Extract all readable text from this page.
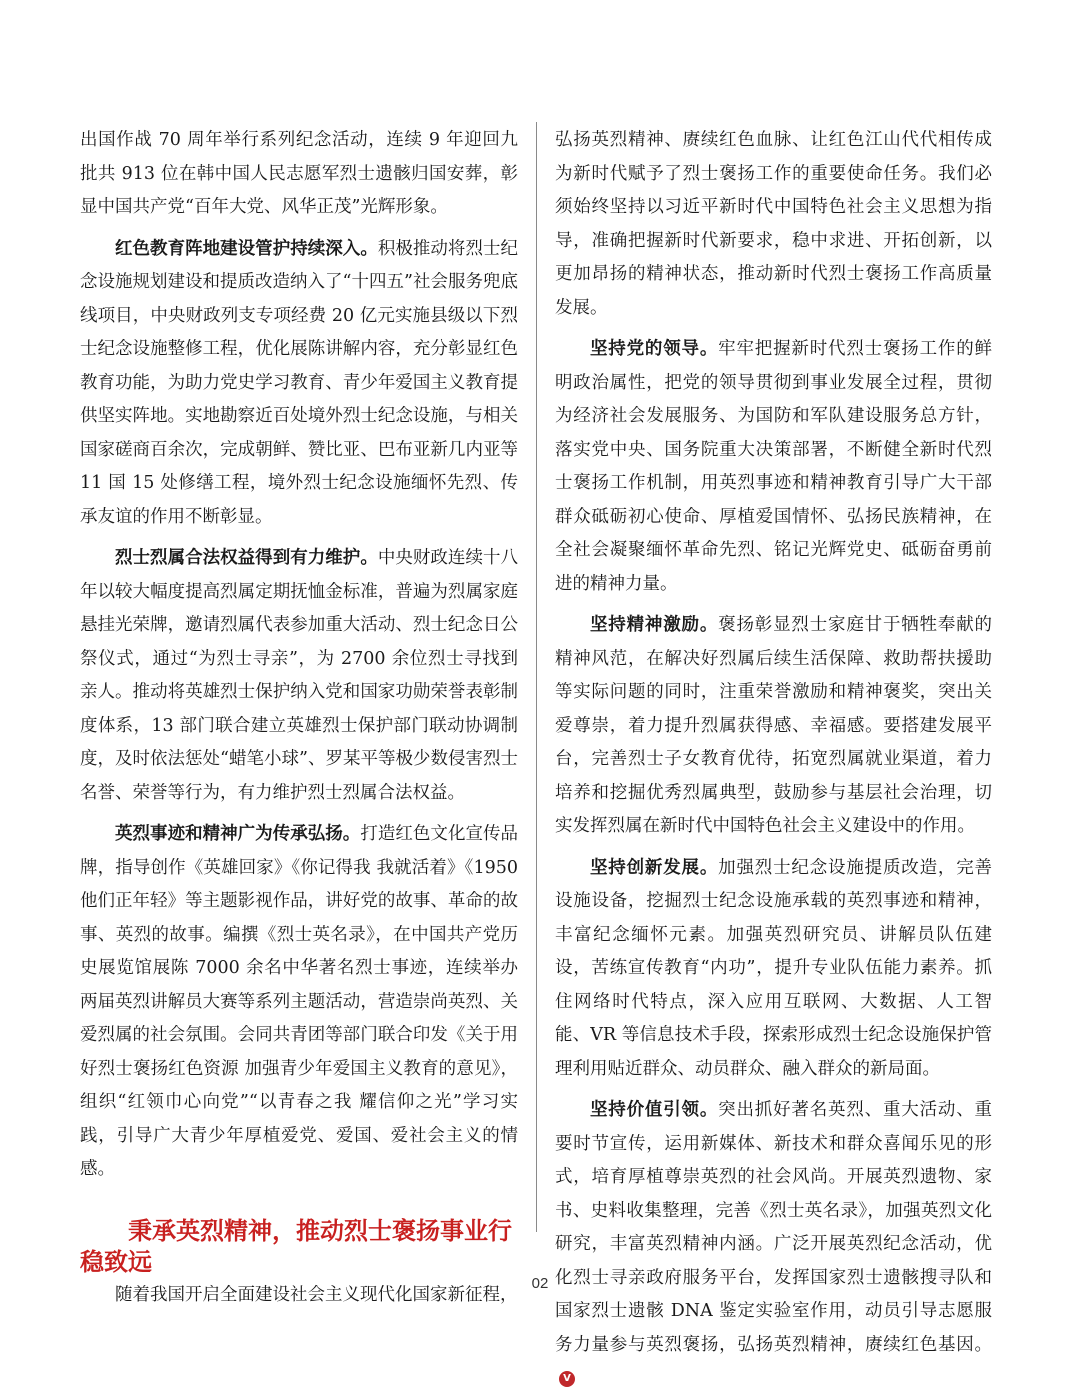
出国作战 70 周年举行系列纪念活动，连续 9 年迎回九批共 913 位在韩中国人民志愿军烈士遗骸归国安葬，彰显中国共产党“百年大党、风华正茂”光辉形象。

红色教育阵地建设管护持续深入。积极推动将烈士纪念设施规划建设和提质改造纳入了“十四五”社会服务兜底线项目，中央财政列支专项经费 20 亿元实施县级以下烈士纪念设施整修工程，优化展陈讲解内容，充分彰显红色教育功能，为助力党史学习教育、青少年爱国主义教育提供坚实阵地。实地勘察近百处境外烈士纪念设施，与相关国家磋商百余次，完成朝鲜、赞比亚、巴布亚新几内亚等 11 国 15 处修缮工程，境外烈士纪念设施缅怀先烈、传承友谊的作用不断彰显。

烈士烈属合法权益得到有力维护。中央财政连续十八年以较大幅度提高烈属定期抚恤金标准，普遍为烈属家庭悬挂光荣牌，邀请烈属代表参加重大活动、烈士纪念日公祭仪式，通过“为烈士寻亲”，为 2700 余位烈士寻找到亲人。推动将英雄烈士保护纳入党和国家功勋荣誉表彰制度体系，13 部门联合建立英雄烈士保护部门联动协调制度，及时依法惩处“蜡笔小球”、罗某平等极少数侵害烈士名誉、荣誉等行为，有力维护烈士烈属合法权益。

英烈事迹和精神广为传承弘扬。打造红色文化宣传品牌，指导创作《英雄回家》《你记得我 我就活着》《1950 他们正年轻》等主题影视作品，讲好党的故事、革命的故事、英烈的故事。编撰《烈士英名录》，在中国共产党历史展览馆展陈 7000 余名中华著名烈士事迹，连续举办两届英烈讲解员大赛等系列主题活动，营造崇尚英烈、关爱烈属的社会氛围。会同共青团等部门联合印发《关于用好烈士褒扬红色资源 加强青少年爱国主义教育的意见》，组织“红领巾心向党”“以青春之我 耀信仰之光”学习实践，引导广大青少年厚植爱党、爱国、爱社会主义的情感。

秉承英烈精神，推动烈士褒扬事业行稳致远

随着我国开启全面建设社会主义现代化国家新征程，

弘扬英烈精神、赓续红色血脉、让红色江山代代相传成为新时代赋予了烈士褒扬工作的重要使命任务。我们必须始终坚持以习近平新时代中国特色社会主义思想为指导，准确把握新时代新要求，稳中求进、开拓创新，以更加昂扬的精神状态，推动新时代烈士褒扬工作高质量发展。

坚持党的领导。牢牢把握新时代烈士褒扬工作的鲜明政治属性，把党的领导贯彻到事业发展全过程，贯彻为经济社会发展服务、为国防和军队建设服务总方针，落实党中央、国务院重大决策部署，不断健全新时代烈士褒扬工作机制，用英烈事迹和精神教育引导广大干部群众砥砺初心使命、厚植爱国情怀、弘扬民族精神，在全社会凝聚缅怀革命先烈、铭记光辉党史、砥砺奋勇前进的精神力量。

坚持精神激励。褒扬彰显烈士家庭甘于牺牲奉献的精神风范，在解决好烈属后续生活保障、救助帮扶援助等实际问题的同时，注重荣誉激励和精神褒奖，突出关爱尊崇，着力提升烈属获得感、幸福感。要搭建发展平台，完善烈士子女教育优待，拓宽烈属就业渠道，着力培养和挖掘优秀烈属典型，鼓励参与基层社会治理，切实发挥烈属在新时代中国特色社会主义建设中的作用。

坚持创新发展。加强烈士纪念设施提质改造，完善设施设备，挖掘烈士纪念设施承载的英烈事迹和精神，丰富纪念缅怀元素。加强英烈研究员、讲解员队伍建设，苦练宣传教育“内功”，提升专业队伍能力素养。抓住网络时代特点，深入应用互联网、大数据、人工智能、VR 等信息技术手段，探索形成烈士纪念设施保护管理利用贴近群众、动员群众、融入群众的新局面。

坚持价值引领。突出抓好著名英烈、重大活动、重要时节宣传，运用新媒体、新技术和群众喜闻乐见的形式，培育厚植尊崇英烈的社会风尚。开展英烈遗物、家书、史料收集整理，完善《烈士英名录》，加强英烈文化研究，丰富英烈精神内涵。广泛开展英烈纪念活动，优化烈士寻亲政府服务平台，发挥国家烈士遗骸搜寻队和国家烈士遗骸 DNA 鉴定实验室作用，动员引导志愿服务力量参与英烈褒扬，弘扬英烈精神，赓续红色基因。V

02
